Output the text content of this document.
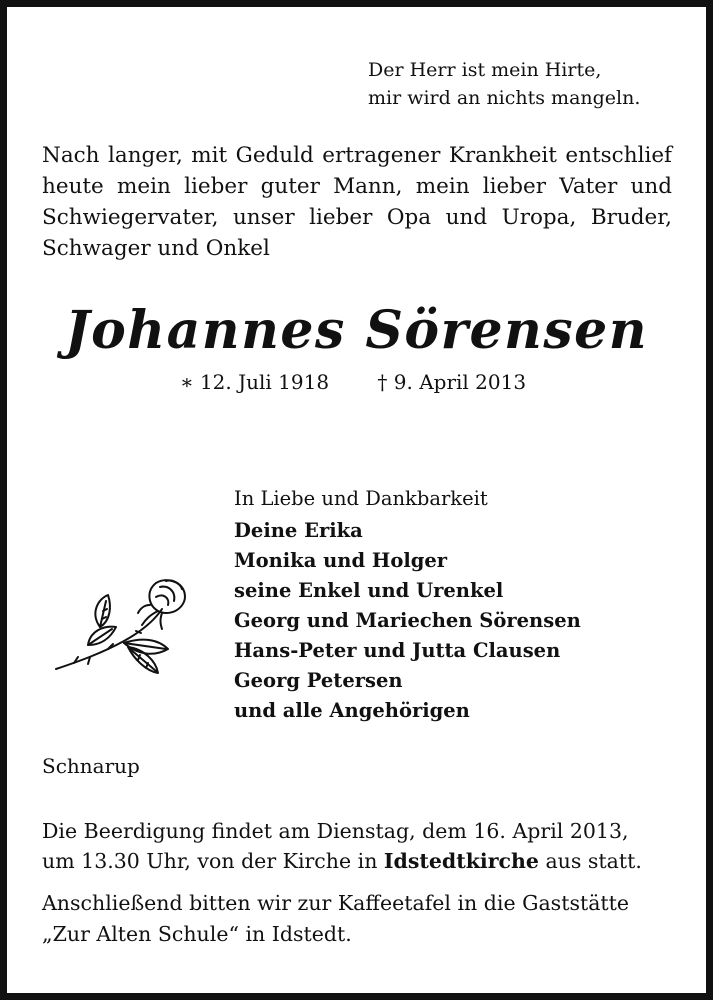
Der Herr ist mein Hirte,
mir wird an nichts mangeln.
Nach langer, mit Geduld ertragener Krankheit entschlief heute mein lieber guter Mann, mein lieber Vater und Schwiegervater, unser lieber Opa und Uropa, Bruder, Schwager und Onkel
Johannes Sörensen
∗ 12. Juli 1918 † 9. April 2013
In Liebe und Dankbarkeit
Deine Erika
Monika und Holger
seine Enkel und Urenkel
Georg und Mariechen Sörensen
Hans-Peter und Jutta Clausen
Georg Petersen
und alle Angehörigen
Schnarup
Die Beerdigung findet am Dienstag, dem 16. April 2013,
um 13.30 Uhr, von der Kirche in Idstedtkirche aus statt.
Anschließend bitten wir zur Kaffeetafel in die Gaststätte
„Zur Alten Schule“ in Idstedt.
